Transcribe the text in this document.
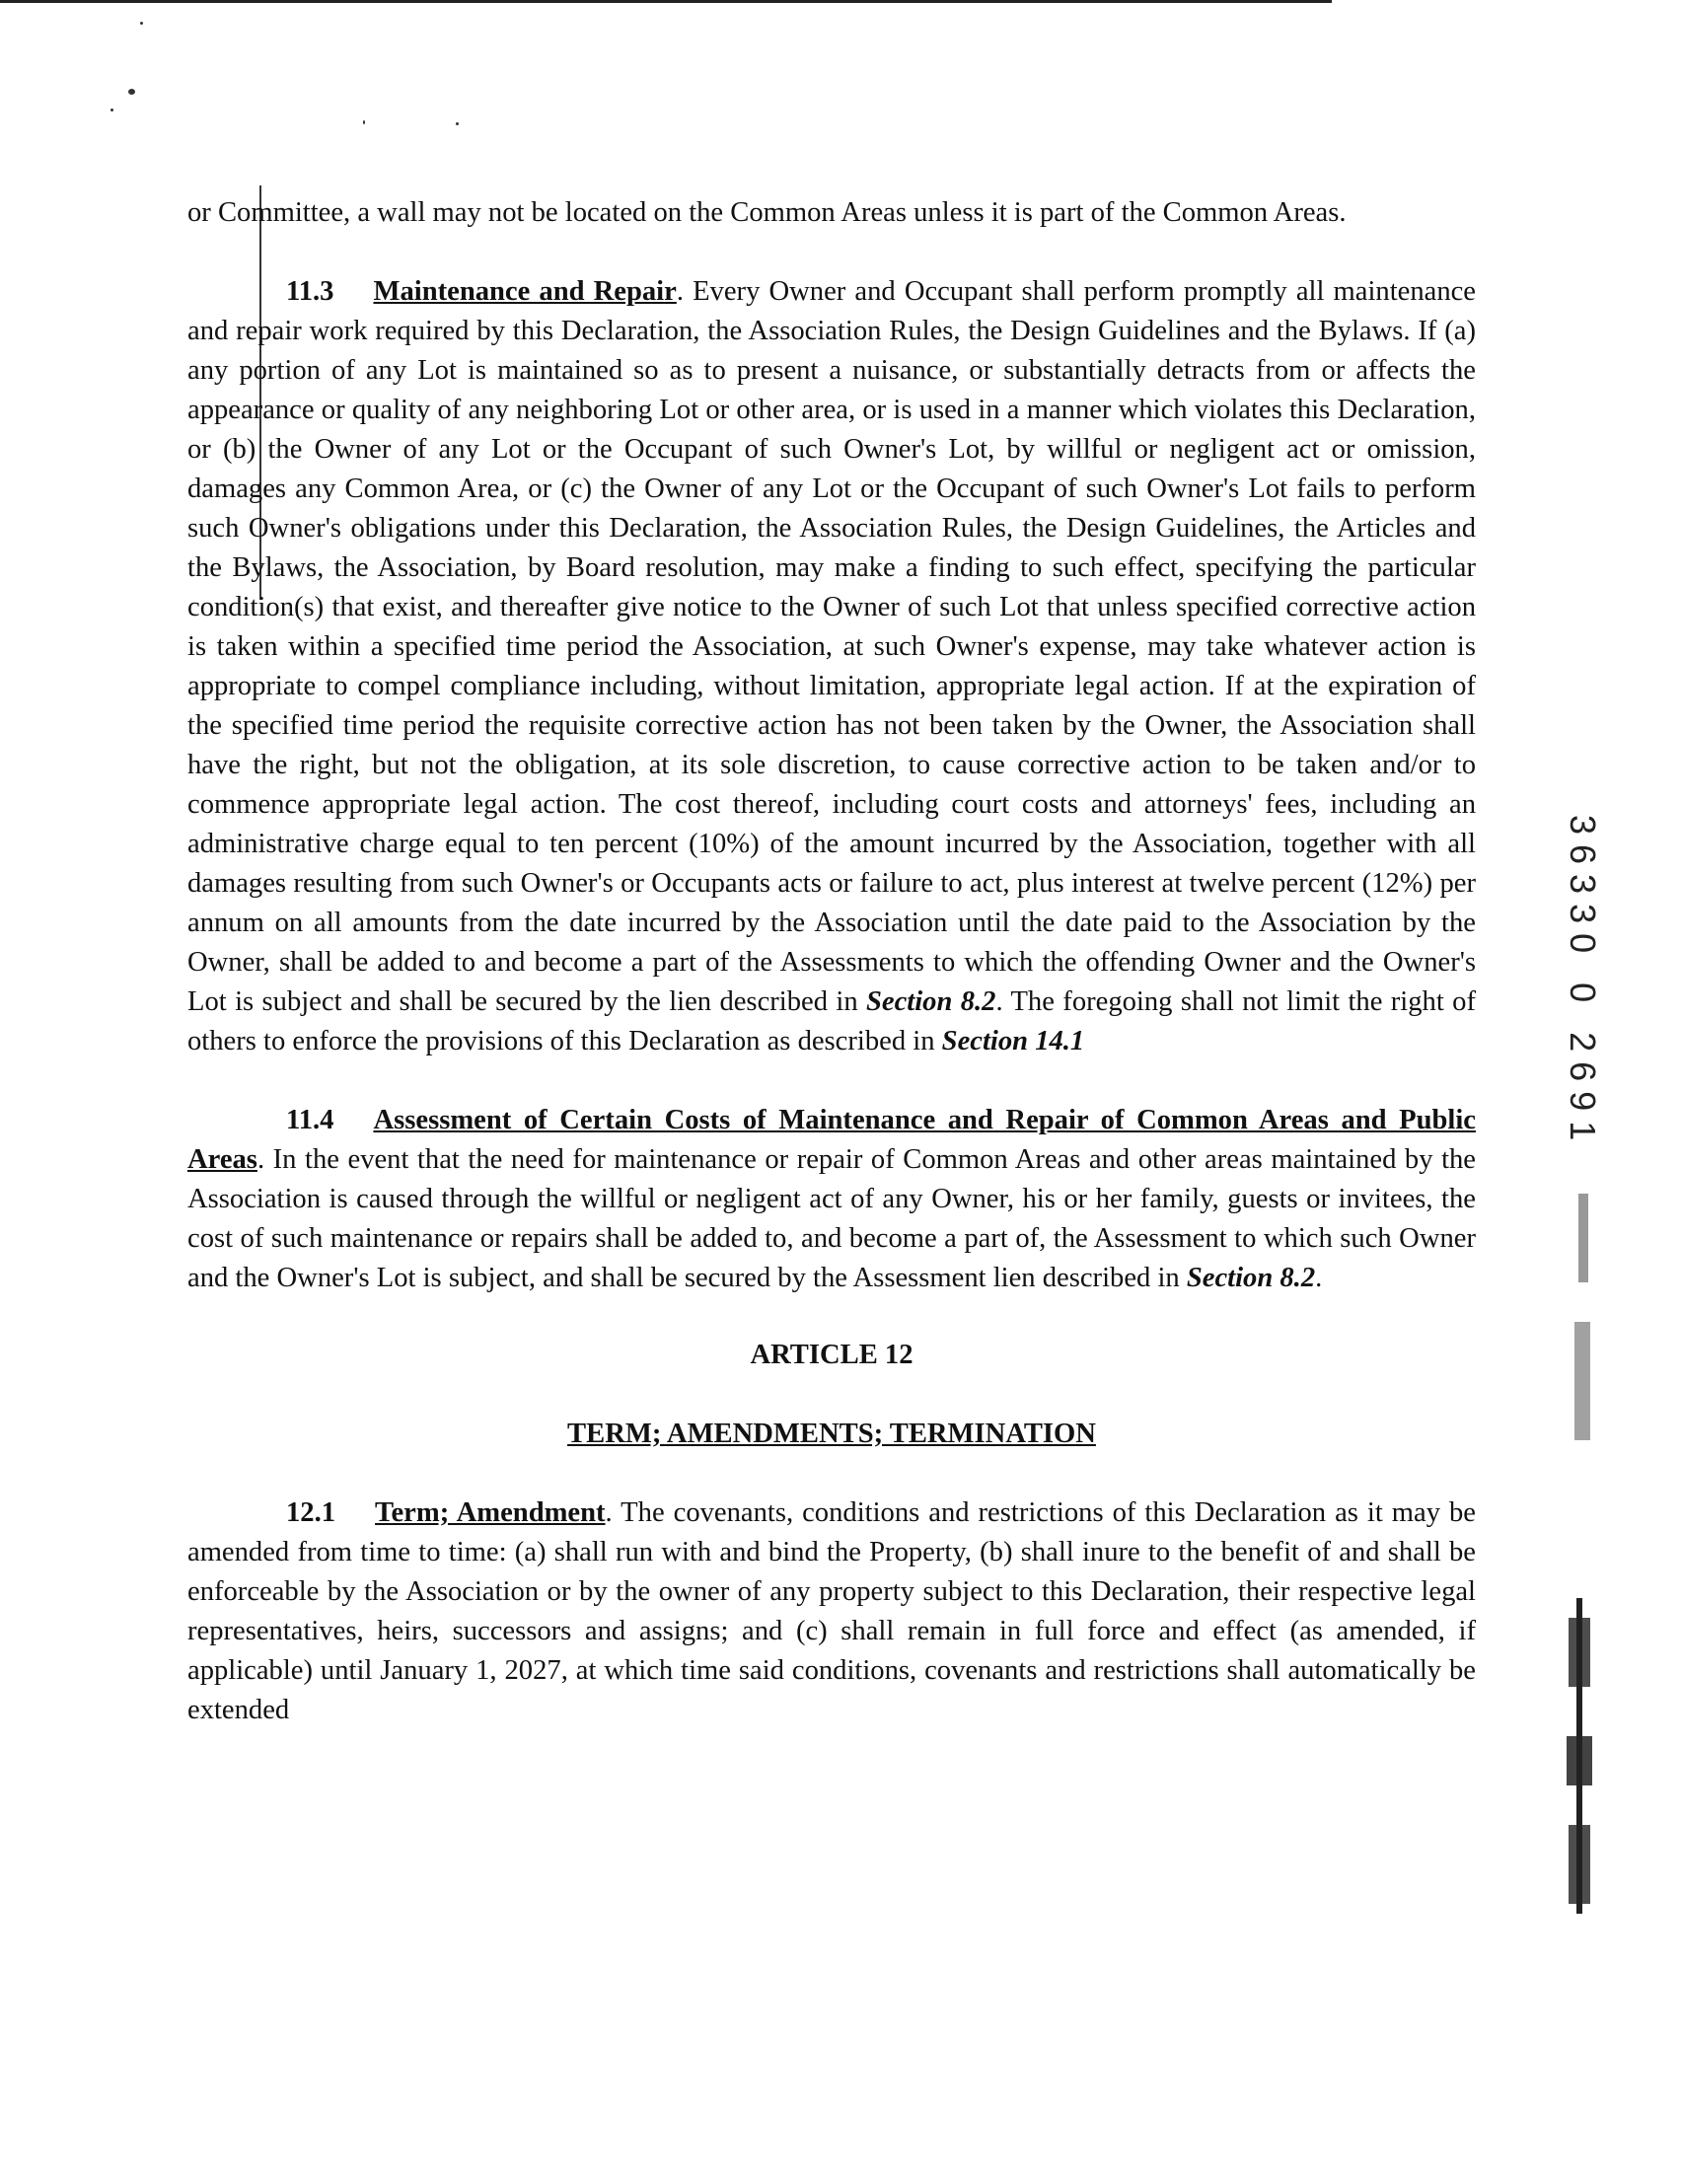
or Committee, a wall may not be located on the Common Areas unless it is part of the Common Areas.

11.3 Maintenance and Repair. Every Owner and Occupant shall perform promptly all maintenance and repair work required by this Declaration, the Association Rules, the Design Guidelines and the Bylaws. If (a) any portion of any Lot is maintained so as to present a nuisance, or substantially detracts from or affects the appearance or quality of any neighboring Lot or other area, or is used in a manner which violates this Declaration, or (b) the Owner of any Lot or the Occupant of such Owner's Lot, by willful or negligent act or omission, damages any Common Area, or (c) the Owner of any Lot or the Occupant of such Owner's Lot fails to perform such Owner's obligations under this Declaration, the Association Rules, the Design Guidelines, the Articles and the Bylaws, the Association, by Board resolution, may make a finding to such effect, specifying the particular condition(s) that exist, and thereafter give notice to the Owner of such Lot that unless specified corrective action is taken within a specified time period the Association, at such Owner's expense, may take whatever action is appropriate to compel compliance including, without limitation, appropriate legal action. If at the expiration of the specified time period the requisite corrective action has not been taken by the Owner, the Association shall have the right, but not the obligation, at its sole discretion, to cause corrective action to be taken and/or to commence appropriate legal action. The cost thereof, including court costs and attorneys' fees, including an administrative charge equal to ten percent (10%) of the amount incurred by the Association, together with all damages resulting from such Owner's or Occupants acts or failure to act, plus interest at twelve percent (12%) per annum on all amounts from the date incurred by the Association until the date paid to the Association by the Owner, shall be added to and become a part of the Assessments to which the offending Owner and the Owner's Lot is subject and shall be secured by the lien described in Section 8.2. The foregoing shall not limit the right of others to enforce the provisions of this Declaration as described in Section 14.1

11.4 Assessment of Certain Costs of Maintenance and Repair of Common Areas and Public Areas. In the event that the need for maintenance or repair of Common Areas and other areas maintained by the Association is caused through the willful or negligent act of any Owner, his or her family, guests or invitees, the cost of such maintenance or repairs shall be added to, and become a part of, the Assessment to which such Owner and the Owner's Lot is subject, and shall be secured by the Assessment lien described in Section 8.2.

ARTICLE 12

TERM; AMENDMENTS; TERMINATION

12.1 Term; Amendment. The covenants, conditions and restrictions of this Declaration as it may be amended from time to time: (a) shall run with and bind the Property, (b) shall inure to the benefit of and shall be enforceable by the Association or by the owner of any property subject to this Declaration, their respective legal representatives, heirs, successors and assigns; and (c) shall remain in full force and effect (as amended, if applicable) until January 1, 2027, at which time said conditions, covenants and restrictions shall automatically be extended

36330 0 2691
